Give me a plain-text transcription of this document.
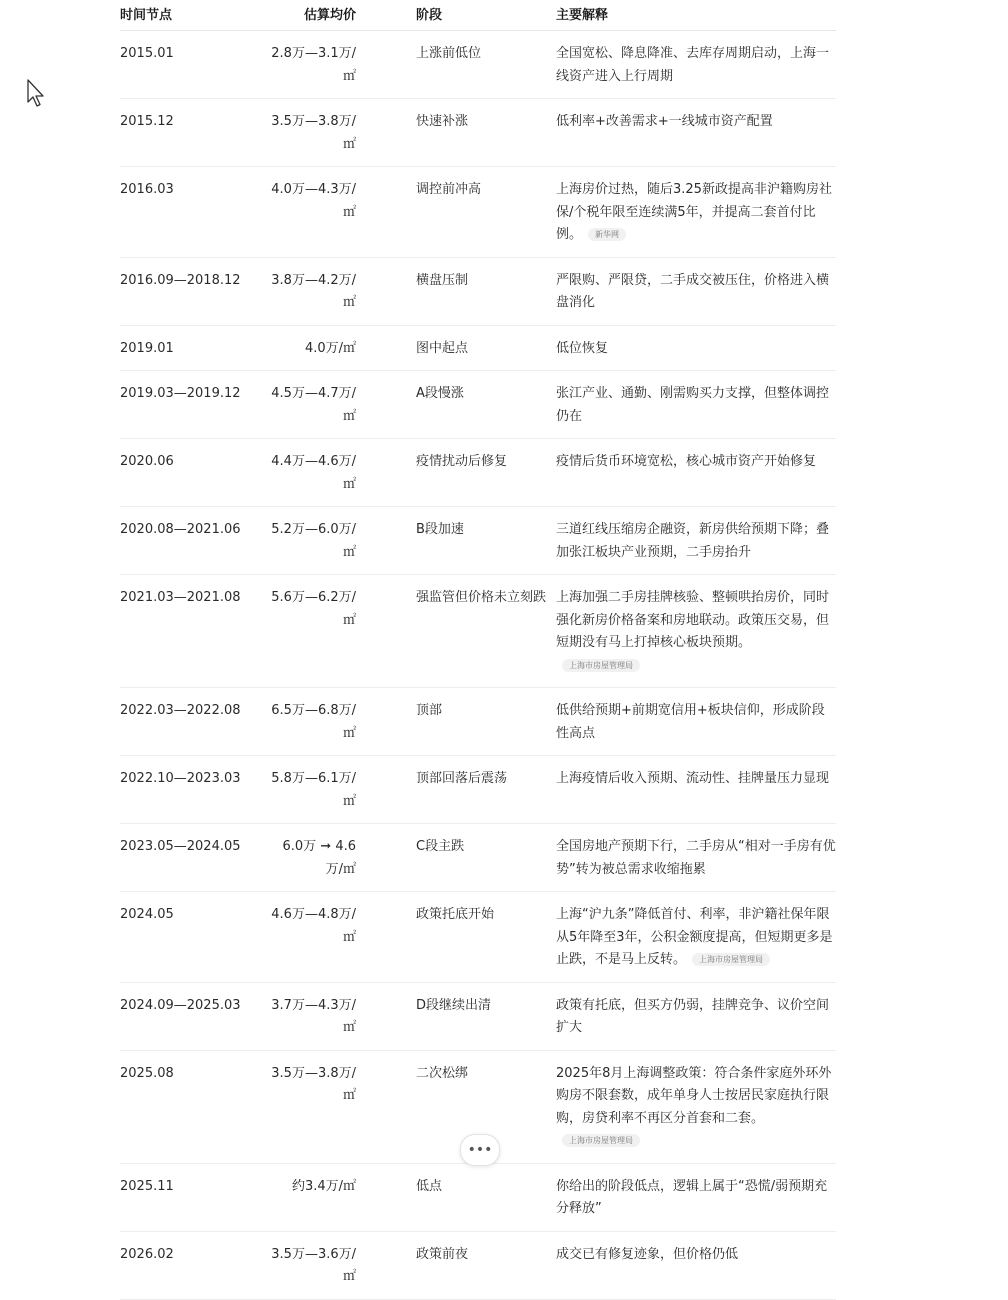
时间节点	估算均价	阶段	主要解释
2015.01	2.8万—3.1万/㎡	上涨前低位	全国宽松、降息降准、去库存周期启动，上海一线资产进入上行周期
2015.12	3.5万—3.8万/㎡	快速补涨	低利率+改善需求+一线城市资产配置
2016.03	4.0万—4.3万/㎡	调控前冲高	上海房价过热，随后3.25新政提高非沪籍购房社保/个税年限至连续满5年，并提高二套首付比例。 新华网
2016.09—2018.12	3.8万—4.2万/㎡	横盘压制	严限购、严限贷，二手成交被压住，价格进入横盘消化
2019.01	4.0万/㎡	图中起点	低位恢复
2019.03—2019.12	4.5万—4.7万/㎡	A段慢涨	张江产业、通勤、刚需购买力支撑，但整体调控仍在
2020.06	4.4万—4.6万/㎡	疫情扰动后修复	疫情后货币环境宽松，核心城市资产开始修复
2020.08—2021.06	5.2万—6.0万/㎡	B段加速	三道红线压缩房企融资，新房供给预期下降；叠加张江板块产业预期，二手房抬升
2021.03—2021.08	5.6万—6.2万/㎡	强监管但价格未立刻跌	上海加强二手房挂牌核验、整顿哄抬房价，同时强化新房价格备案和房地联动。政策压交易，但短期没有马上打掉核心板块预期。上海市房屋管理局
2022.03—2022.08	6.5万—6.8万/㎡	顶部	低供给预期+前期宽信用+板块信仰，形成阶段性高点
2022.10—2023.03	5.8万—6.1万/㎡	顶部回落后震荡	上海疫情后收入预期、流动性、挂牌量压力显现
2023.05—2024.05	6.0万 ➞ 4.6万/㎡	C段主跌	全国房地产预期下行，二手房从“相对一手房有优势”转为被总需求收缩拖累
2024.05	4.6万—4.8万/㎡	政策托底开始	上海“沪九条”降低首付、利率，非沪籍社保年限从5年降至3年，公积金额度提高，但短期更多是止跌，不是马上反转。 上海市房屋管理局
2024.09—2025.03	3.7万—4.3万/㎡	D段继续出清	政策有托底，但买方仍弱，挂牌竞争、议价空间扩大
2025.08	3.5万—3.8万/㎡	二次松绑	2025年8月上海调整政策：符合条件家庭外环外购房不限套数，成年单身人士按居民家庭执行限购，房贷利率不再区分首套和二套。上海市房屋管理局
2025.11	约3.4万/㎡	低点	你给出的阶段低点，逻辑上属于“恐慌/弱预期充分释放”
2026.02	3.5万—3.6万/㎡	政策前夜	成交已有修复迹象，但价格仍低
•••
